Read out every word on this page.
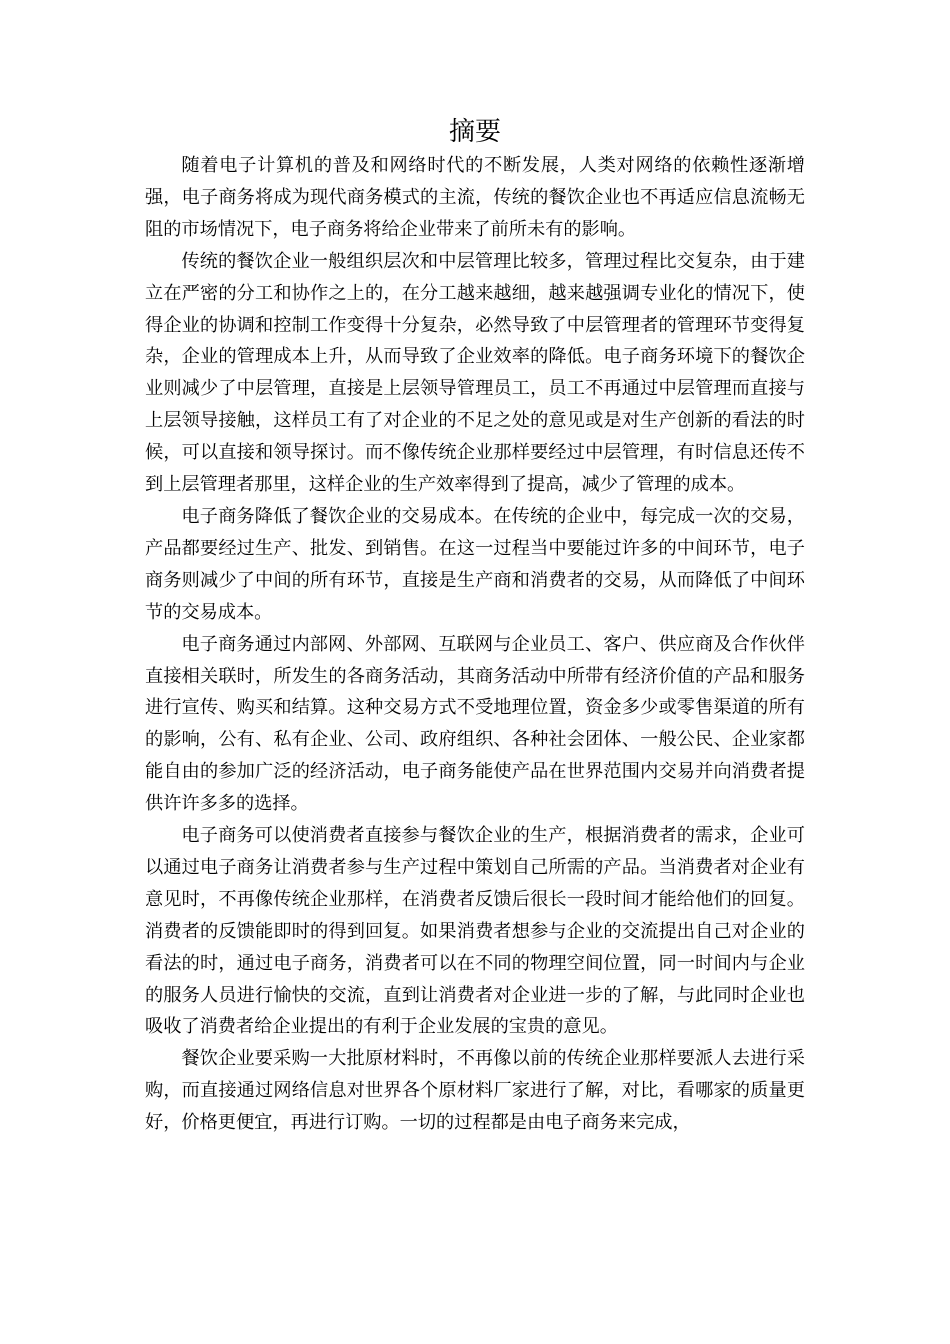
摘要

随着电子计算机的普及和网络时代的不断发展，人类对网络的依赖性逐渐增强，电子商务将成为现代商务模式的主流，传统的餐饮企业也不再适应信息流畅无阻的市场情况下，电子商务将给企业带来了前所未有的影响。

传统的餐饮企业一般组织层次和中层管理比较多，管理过程比交复杂，由于建立在严密的分工和协作之上的，在分工越来越细，越来越强调专业化的情况下，使得企业的协调和控制工作变得十分复杂，必然导致了中层管理者的管理环节变得复杂，企业的管理成本上升，从而导致了企业效率的降低。电子商务环境下的餐饮企业则减少了中层管理，直接是上层领导管理员工，员工不再通过中层管理而直接与上层领导接触，这样员工有了对企业的不足之处的意见或是对生产创新的看法的时候，可以直接和领导探讨。而不像传统企业那样要经过中层管理，有时信息还传不到上层管理者那里，这样企业的生产效率得到了提高，减少了管理的成本。

电子商务降低了餐饮企业的交易成本。在传统的企业中，每完成一次的交易，产品都要经过生产、批发、到销售。在这一过程当中要能过许多的中间环节，电子商务则减少了中间的所有环节，直接是生产商和消费者的交易，从而降低了中间环节的交易成本。

电子商务通过内部网、外部网、互联网与企业员工、客户、供应商及合作伙伴直接相关联时，所发生的各商务活动，其商务活动中所带有经济价值的产品和服务进行宣传、购买和结算。这种交易方式不受地理位置，资金多少或零售渠道的所有的影响，公有、私有企业、公司、政府组织、各种社会团体、一般公民、企业家都能自由的参加广泛的经济活动，电子商务能使产品在世界范围内交易并向消费者提供许许多多的选择。

电子商务可以使消费者直接参与餐饮企业的生产，根据消费者的需求，企业可以通过电子商务让消费者参与生产过程中策划自己所需的产品。当消费者对企业有意见时，不再像传统企业那样，在消费者反馈后很长一段时间才能给他们的回复。消费者的反馈能即时的得到回复。如果消费者想参与企业的交流提出自己对企业的看法的时，通过电子商务，消费者可以在不同的物理空间位置，同一时间内与企业的服务人员进行愉快的交流，直到让消费者对企业进一步的了解，与此同时企业也吸收了消费者给企业提出的有利于企业发展的宝贵的意见。

餐饮企业要采购一大批原材料时，不再像以前的传统企业那样要派人去进行采购，而直接通过网络信息对世界各个原材料厂家进行了解，对比，看哪家的质量更好，价格更便宜，再进行订购。一切的过程都是由电子商务来完成，
